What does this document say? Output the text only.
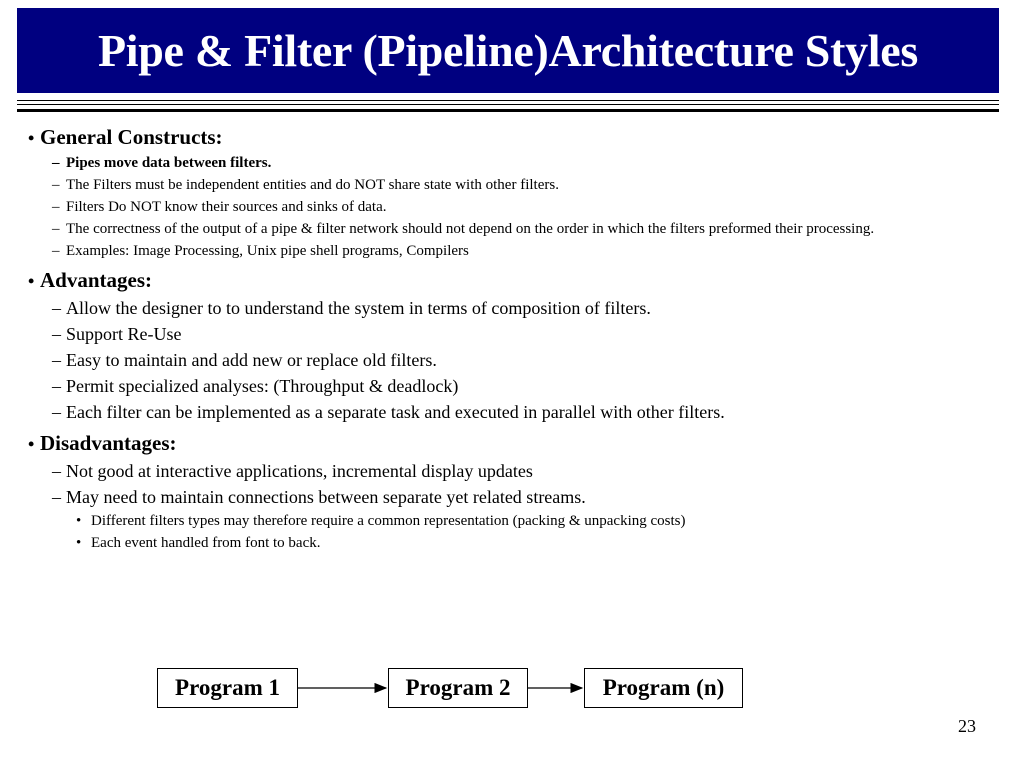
Pipe & Filter (Pipeline)Architecture Styles
• General Constructs:
– Pipes move data between filters.
– The Filters must be independent entities and do NOT share state with other filters.
– Filters Do NOT know their sources and sinks of data.
– The correctness of the output of a pipe & filter network should not depend on the order in which the filters preformed their processing.
– Examples: Image Processing, Unix pipe shell programs, Compilers
• Advantages:
– Allow the designer to to understand the system in terms of composition of filters.
– Support Re-Use
– Easy to maintain and add new or replace old filters.
– Permit specialized analyses: (Throughput & deadlock)
– Each filter can be implemented as a separate task and executed in parallel with other filters.
• Disadvantages:
– Not good at interactive applications, incremental display updates
– May need to maintain connections between separate yet related streams.
• Different filters types may therefore require a common representation (packing & unpacking costs)
• Each event handled from font to back.
Program 1	Program 2	Program (n)
23
